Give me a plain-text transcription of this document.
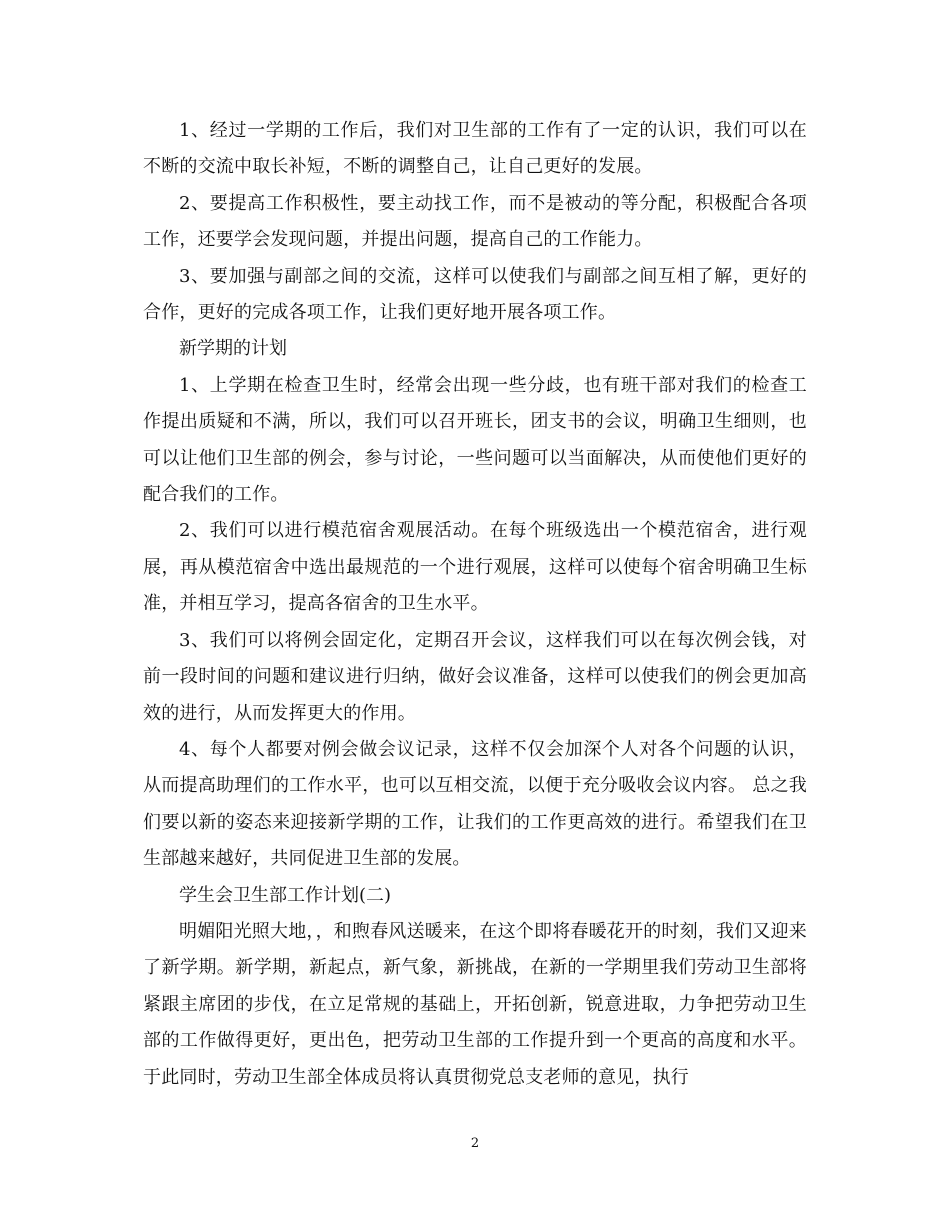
1、经过一学期的工作后，我们对卫生部的工作有了一定的认识，我们可以在不断的交流中取长补短，不断的调整自己，让自己更好的发展。

2、要提高工作积极性，要主动找工作，而不是被动的等分配，积极配合各项工作，还要学会发现问题，并提出问题，提高自己的工作能力。

3、要加强与副部之间的交流，这样可以使我们与副部之间互相了解，更好的合作，更好的完成各项工作，让我们更好地开展各项工作。

新学期的计划

1、上学期在检查卫生时，经常会出现一些分歧，也有班干部对我们的检查工作提出质疑和不满，所以，我们可以召开班长，团支书的会议，明确卫生细则，也可以让他们卫生部的例会，参与讨论，一些问题可以当面解决，从而使他们更好的配合我们的工作。

2、我们可以进行模范宿舍观展活动。在每个班级选出一个模范宿舍，进行观展，再从模范宿舍中选出最规范的一个进行观展，这样可以使每个宿舍明确卫生标准，并相互学习，提高各宿舍的卫生水平。

3、我们可以将例会固定化，定期召开会议，这样我们可以在每次例会钱，对前一段时间的问题和建议进行归纳，做好会议准备，这样可以使我们的例会更加高效的进行，从而发挥更大的作用。

4、每个人都要对例会做会议记录，这样不仅会加深个人对各个问题的认识，从而提高助理们的工作水平，也可以互相交流，以便于充分吸收会议内容。 总之我们要以新的姿态来迎接新学期的工作，让我们的工作更高效的进行。希望我们在卫生部越来越好，共同促进卫生部的发展。

学生会卫生部工作计划(二)

明媚阳光照大地，，和煦春风送暖来，在这个即将春暖花开的时刻，我们又迎来了新学期。新学期，新起点，新气象，新挑战，在新的一学期里我们劳动卫生部将紧跟主席团的步伐，在立足常规的基础上，开拓创新，锐意进取，力争把劳动卫生部的工作做得更好，更出色，把劳动卫生部的工作提升到一个更高的高度和水平。于此同时，劳动卫生部全体成员将认真贯彻党总支老师的意见，执行

2
